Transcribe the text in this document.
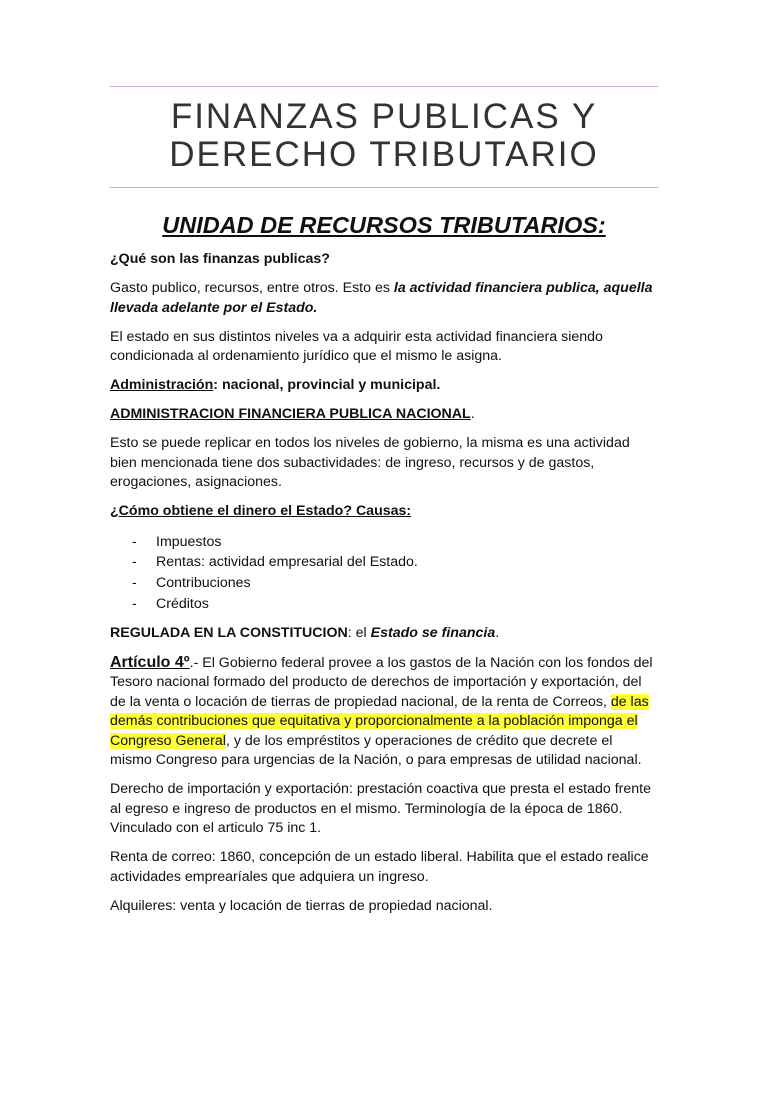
FINANZAS PUBLICAS Y
DERECHO TRIBUTARIO
UNIDAD DE RECURSOS TRIBUTARIOS:

¿Qué son las finanzas publicas?

Gasto publico, recursos, entre otros. Esto es la actividad financiera publica, aquella llevada adelante por el Estado.

El estado en sus distintos niveles va a adquirir esta actividad financiera siendo condicionada al ordenamiento jurídico que el mismo le asigna.

Administración: nacional, provincial y municipal.

ADMINISTRACION FINANCIERA PUBLICA NACIONAL.

Esto se puede replicar en todos los niveles de gobierno, la misma es una actividad bien mencionada tiene dos subactividades: de ingreso, recursos y de gastos, erogaciones, asignaciones.

¿Cómo obtiene el dinero el Estado? Causas:

- Impuestos
- Rentas: actividad empresarial del Estado.
- Contribuciones
- Créditos

REGULADA EN LA CONSTITUCION: el Estado se financia.

Artículo 4º.- El Gobierno federal provee a los gastos de la Nación con los fondos del Tesoro nacional formado del producto de derechos de importación y exportación, del de la venta o locación de tierras de propiedad nacional, de la renta de Correos, de las demás contribuciones que equitativa y proporcionalmente a la población imponga el Congreso General, y de los empréstitos y operaciones de crédito que decrete el mismo Congreso para urgencias de la Nación, o para empresas de utilidad nacional.

Derecho de importación y exportación: prestación coactiva que presta el estado frente al egreso e ingreso de productos en el mismo. Terminología de la época de 1860. Vinculado con el articulo 75 inc 1.

Renta de correo: 1860, concepción de un estado liberal. Habilita que el estado realice actividades emprearíales que adquiera un ingreso.

Alquileres: venta y locación de tierras de propiedad nacional.
